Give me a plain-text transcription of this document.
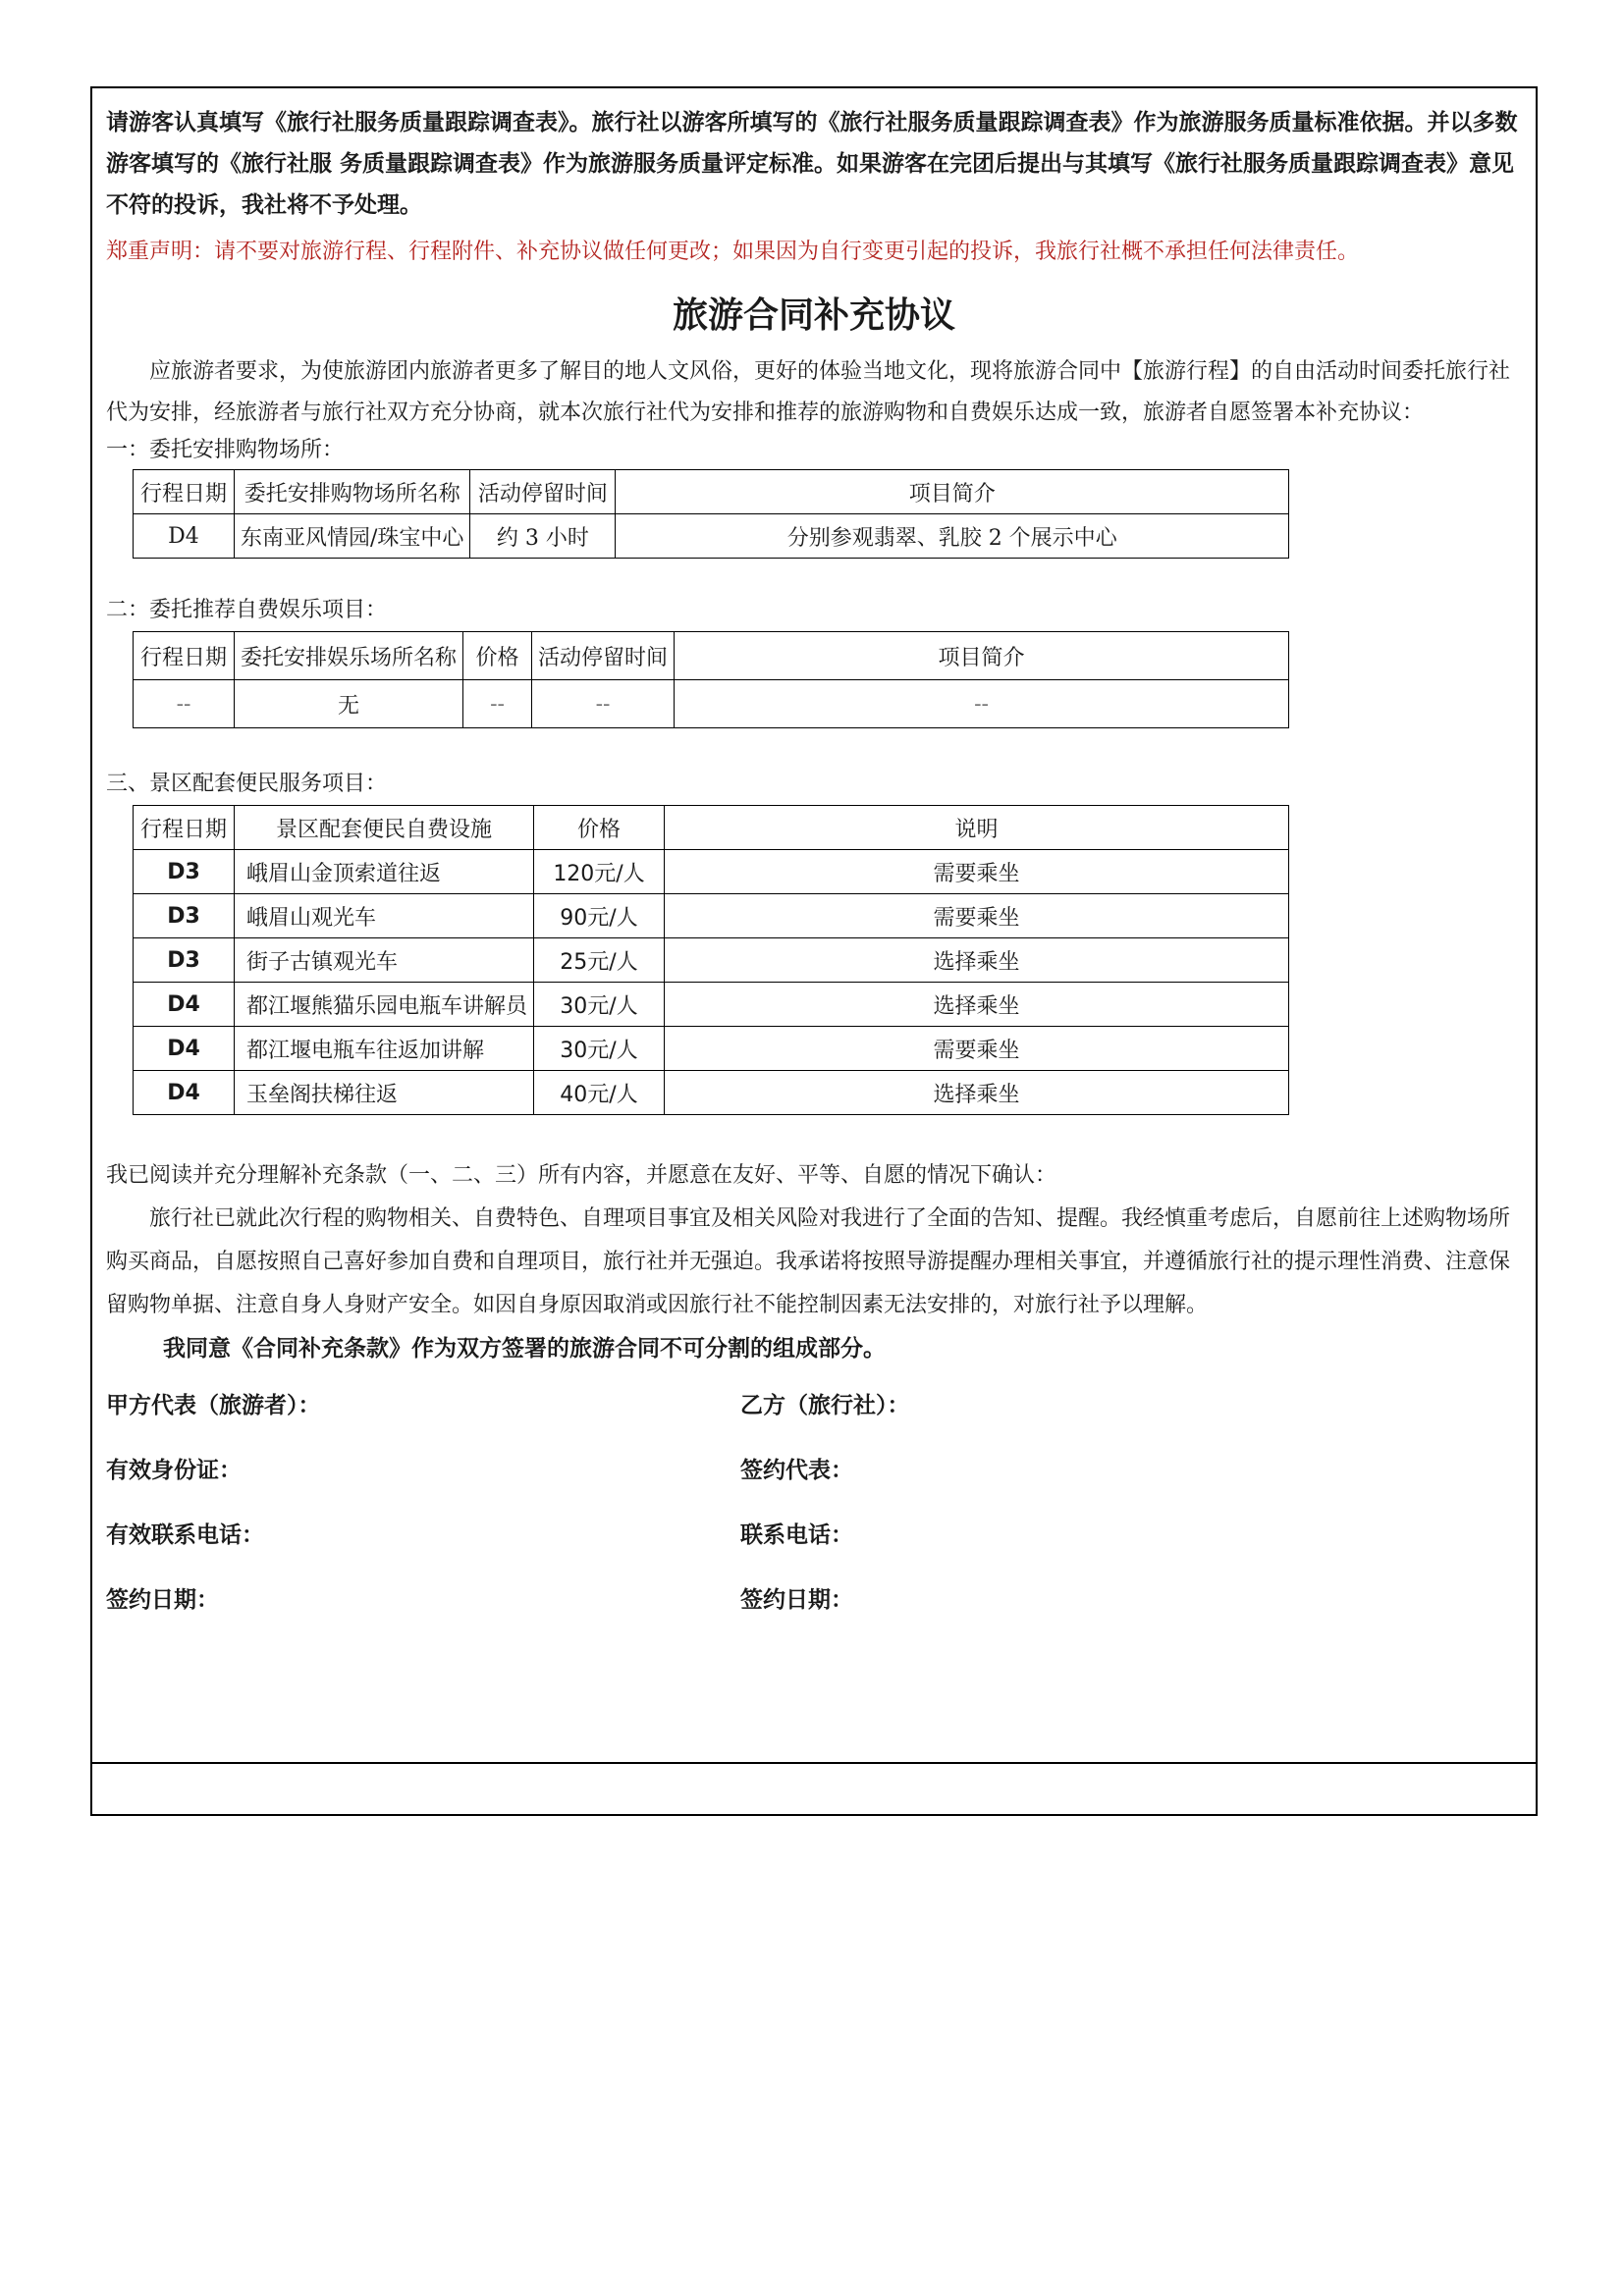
请游客认真填写《旅行社服务质量跟踪调查表》。旅行社以游客所填写的《旅行社服务质量跟踪调查表》作为旅游服务质量标准依据。并以多数游客填写的《旅行社服 务质量跟踪调查表》作为旅游服务质量评定标准。如果游客在完团后提出与其填写《旅行社服务质量跟踪调查表》意见不符的投诉，我社将不予处理。

郑重声明：请不要对旅游行程、行程附件、补充协议做任何更改；如果因为自行变更引起的投诉，我旅行社概不承担任何法律责任。

旅游合同补充协议

应旅游者要求，为使旅游团内旅游者更多了解目的地人文风俗，更好的体验当地文化，现将旅游合同中【旅游行程】的自由活动时间委托旅行社代为安排，经旅游者与旅行社双方充分协商，就本次旅行社代为安排和推荐的旅游购物和自费娱乐达成一致，旅游者自愿签署本补充协议：

一：委托安排购物场所：

行程日期	委托安排购物场所名称	活动停留时间	项目简介
D4	东南亚风情园/珠宝中心	约 3 小时	分别参观翡翠、乳胶 2 个展示中心

二：委托推荐自费娱乐项目：

行程日期	委托安排娱乐场所名称	价格	活动停留时间	项目简介
--	无	--	--	--

三、景区配套便民服务项目：

行程日期	景区配套便民自费设施	价格	说明
D3	峨眉山金顶索道往返	120元/人	需要乘坐
D3	峨眉山观光车	90元/人	需要乘坐
D3	街子古镇观光车	25元/人	选择乘坐
D4	都江堰熊猫乐园电瓶车讲解员	30元/人	选择乘坐
D4	都江堰电瓶车往返加讲解	30元/人	需要乘坐
D4	玉垒阁扶梯往返	40元/人	选择乘坐

我已阅读并充分理解补充条款（一、二、三）所有内容，并愿意在友好、平等、自愿的情况下确认：

旅行社已就此次行程的购物相关、自费特色、自理项目事宜及相关风险对我进行了全面的告知、提醒。我经慎重考虑后，自愿前往上述购物场所购买商品，自愿按照自己喜好参加自费和自理项目，旅行社并无强迫。我承诺将按照导游提醒办理相关事宜，并遵循旅行社的提示理性消费、注意保留购物单据、注意自身人身财产安全。如因自身原因取消或因旅行社不能控制因素无法安排的，对旅行社予以理解。

我同意《合同补充条款》作为双方签署的旅游合同不可分割的组成部分。

甲方代表（旅游者）：	乙方（旅行社）：
有效身份证：	签约代表：
有效联系电话：	联系电话：
签约日期：	签约日期：
